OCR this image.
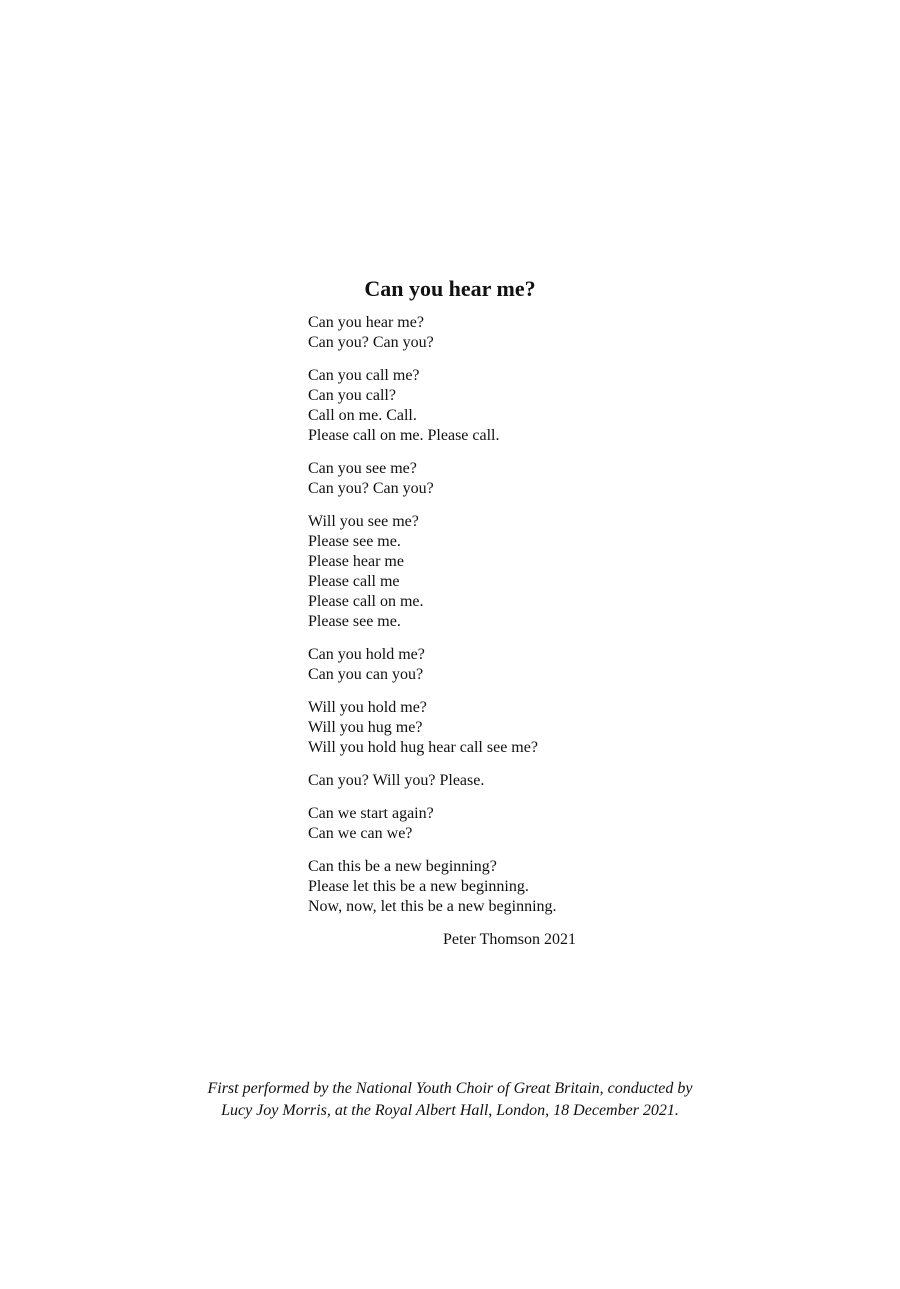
Can you hear me?
Can you hear me?
Can you? Can you?
Can you call me?
Can you call?
Call on me. Call.
Please call on me. Please call.
Can you see me?
Can you? Can you?
Will you see me?
Please see me.
Please hear me
Please call me
Please call on me.
Please see me.
Can you hold me?
Can you can you?
Will you hold me?
Will you hug me?
Will you hold hug hear call see me?
Can you? Will you? Please.
Can we start again?
Can we can we?
Can this be a new beginning?
Please let this be a new beginning.
Now, now, let this be a new beginning.
Peter Thomson 2021
First performed by the National Youth Choir of Great Britain, conducted by
Lucy Joy Morris, at the Royal Albert Hall, London, 18 December 2021.
